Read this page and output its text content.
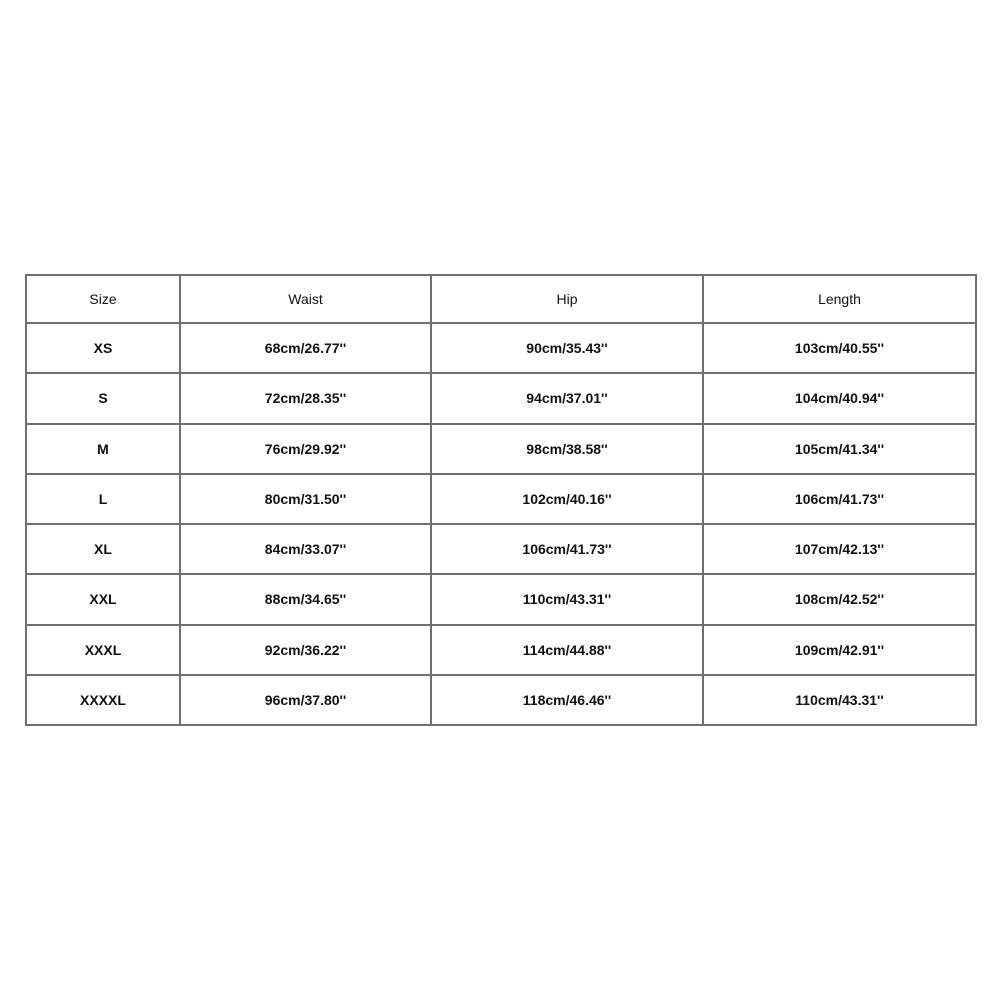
Size	Waist	Hip	Length
XS	68cm/26.77''	90cm/35.43''	103cm/40.55''
S	72cm/28.35''	94cm/37.01''	104cm/40.94''
M	76cm/29.92''	98cm/38.58''	105cm/41.34''
L	80cm/31.50''	102cm/40.16''	106cm/41.73''
XL	84cm/33.07''	106cm/41.73''	107cm/42.13''
XXL	88cm/34.65''	110cm/43.31''	108cm/42.52''
XXXL	92cm/36.22''	114cm/44.88''	109cm/42.91''
XXXXL	96cm/37.80''	118cm/46.46''	110cm/43.31''
